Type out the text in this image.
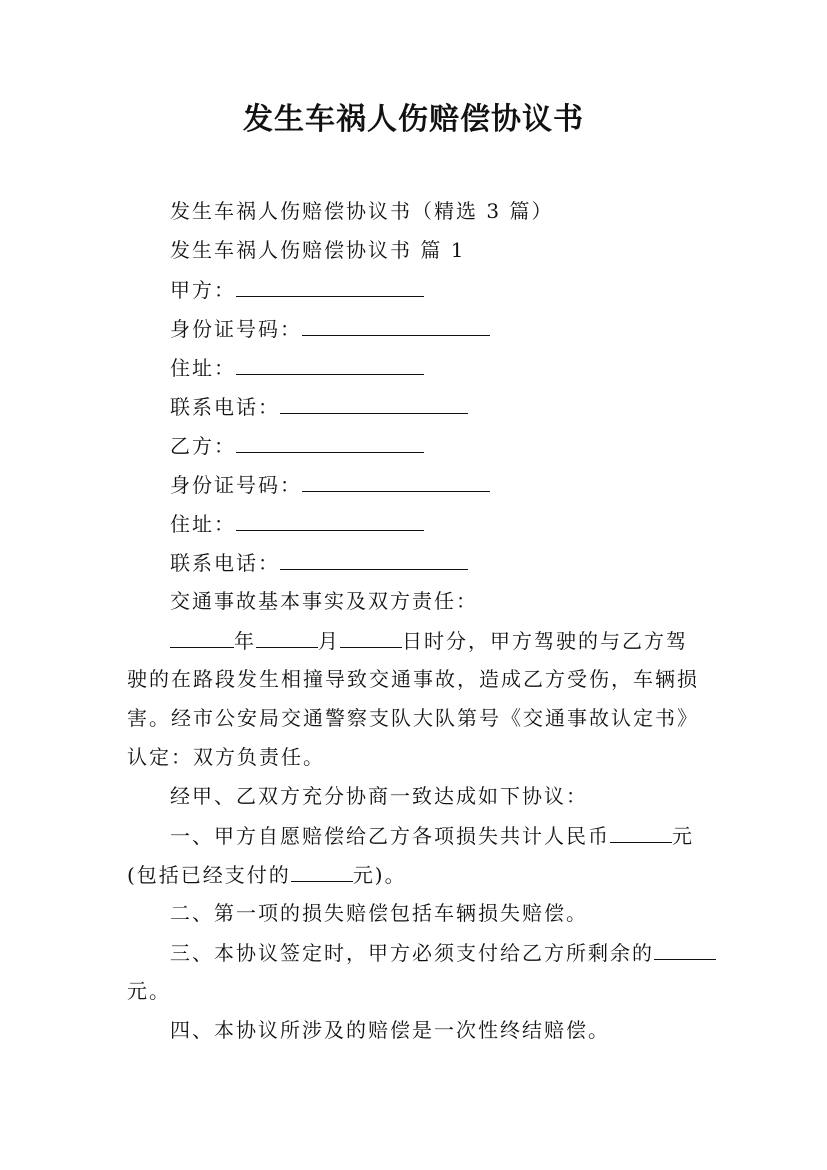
发生车祸人伤赔偿协议书
发生车祸人伤赔偿协议书（精选 3 篇）
发生车祸人伤赔偿协议书 篇 1
甲方：
身份证号码：
住址：
联系电话：
乙方：
身份证号码：
住址：
联系电话：
交通事故基本事实及双方责任：
年	月	日时分，甲方驾驶的与乙方驾
驶的在路段发生相撞导致交通事故，造成乙方受伤，车辆损
害。经市公安局交通警察支队大队第号《交通事故认定书》
认定：双方负责任。
经甲、乙双方充分协商一致达成如下协议：
一、甲方自愿赔偿给乙方各项损失共计人民币	元
(包括已经支付的	元)。
二、第一项的损失赔偿包括车辆损失赔偿。
三、本协议签定时，甲方必须支付给乙方所剩余的
元。
四、本协议所涉及的赔偿是一次性终结赔偿。
